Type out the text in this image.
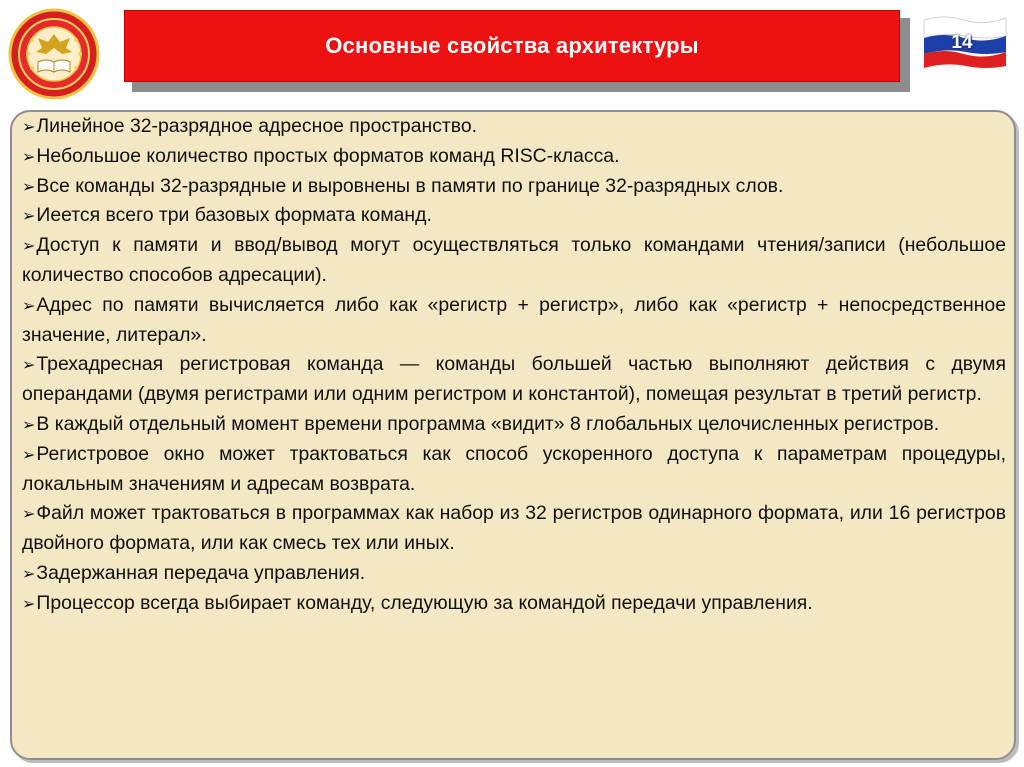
Основные свойства архитектуры	14
➢Линейное 32-разрядное адресное пространство.
➢Небольшое количество простых форматов команд RISC-класса.
➢Все команды 32-разрядные и выровнены в памяти по границе 32-разрядных слов.
➢Иеется всего три базовых формата команд.
➢Доступ к памяти и ввод/вывод могут осуществляться только командами чтения/записи (небольшое количество способов адресации).
➢Адрес по памяти вычисляется либо как «регистр + регистр», либо как «регистр + непосредственное значение, литерал».
➢Трехадресная регистровая команда — команды большей частью выполняют действия с двумя операндами (двумя регистрами или одним регистром и константой), помещая результат в третий регистр.
➢В каждый отдельный момент времени программа «видит» 8 глобальных целочисленных регистров.
➢Регистровое окно может трактоваться как способ ускоренного доступа к параметрам процедуры, локальным значениям и адресам возврата.
➢Файл может трактоваться в программах как набор из 32 регистров одинарного формата, или 16 регистров двойного формата, или как смесь тех или иных.
➢Задержанная передача управления.
➢Процессор всегда выбирает команду, следующую за командой передачи управления.
